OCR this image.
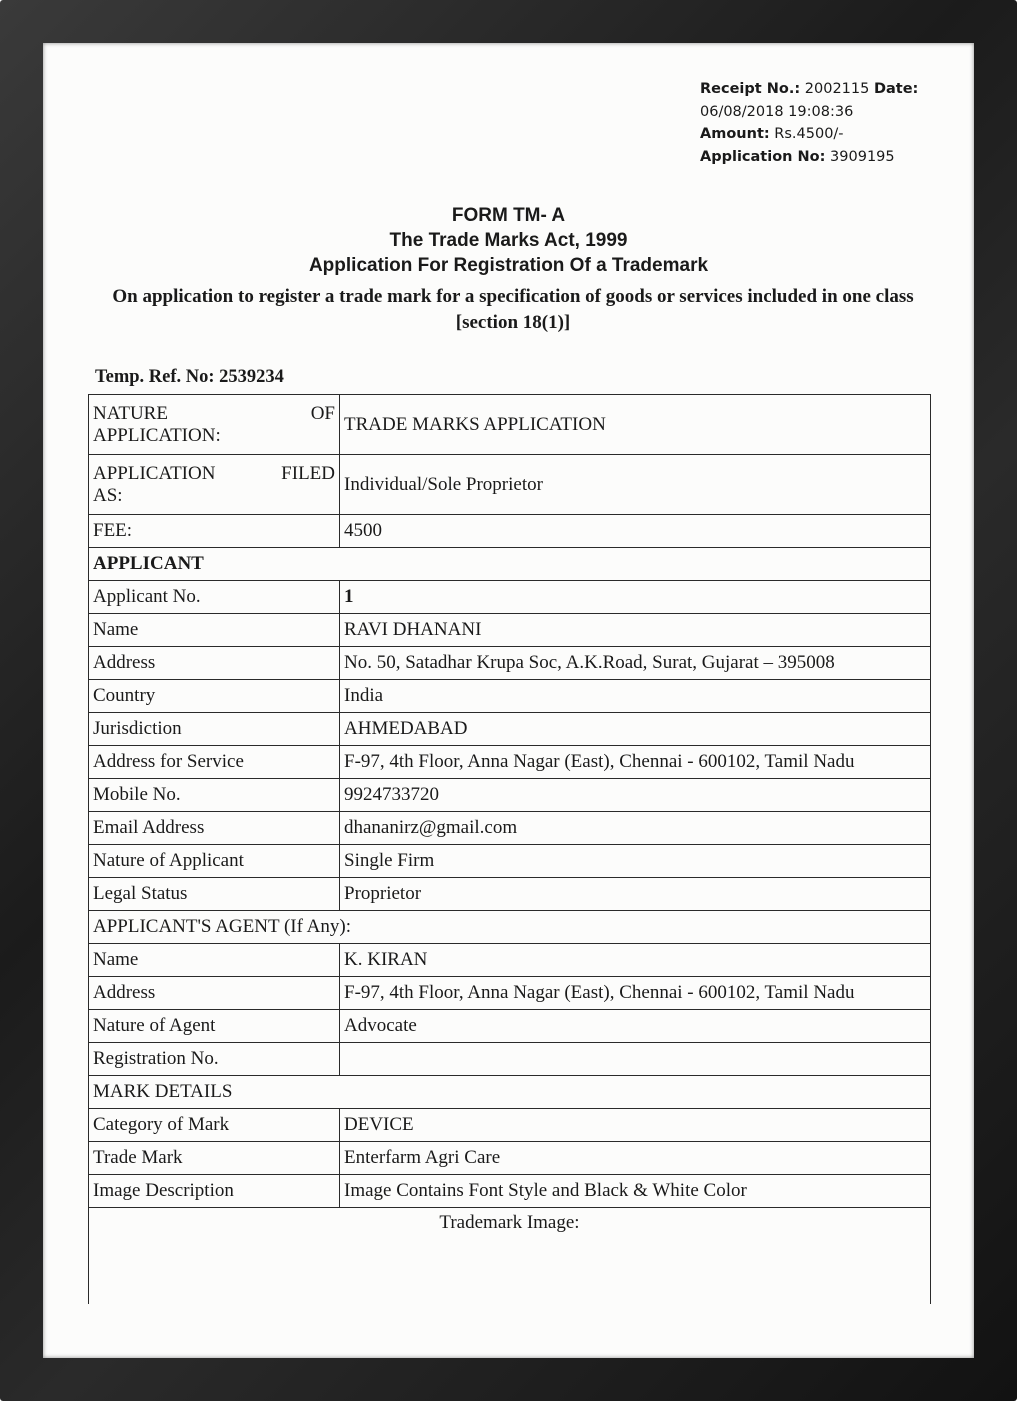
Receipt No.: 2002115 Date:
06/08/2018 19:08:36
Amount: Rs.4500/-
Application No: 3909195
FORM TM- A
The Trade Marks Act, 1999
Application For Registration Of a Trademark
On application to register a trade mark for a specification of goods or services included in one class [section 18(1)]
Temp. Ref. No: 2539234
NATURE OF
APPLICATION:	TRADE MARKS APPLICATION

APPLICATION FILED
AS:	Individual/Sole Proprietor
FEE:	4500
APPLICANT	
Applicant No.	1
Name	RAVI DHANANI
Address	No. 50, Satadhar Krupa Soc, A.K.Road, Surat, Gujarat – 395008
Country	India
Jurisdiction	AHMEDABAD
Address for Service	F-97, 4th Floor, Anna Nagar (East), Chennai - 600102, Tamil Nadu
Mobile No.	9924733720
Email Address	dhananirz@gmail.com
Nature of Applicant	Single Firm
Legal Status	Proprietor
APPLICANT'S AGENT (If Any):	
Name	K. KIRAN
Address	F-97, 4th Floor, Anna Nagar (East), Chennai - 600102, Tamil Nadu
Nature of Agent	Advocate
Registration No.	
MARK DETAILS	
Category of Mark	DEVICE
Trade Mark	Enterfarm Agri Care
Image Description	Image Contains Font Style and Black & White Color
Trademark Image:	
